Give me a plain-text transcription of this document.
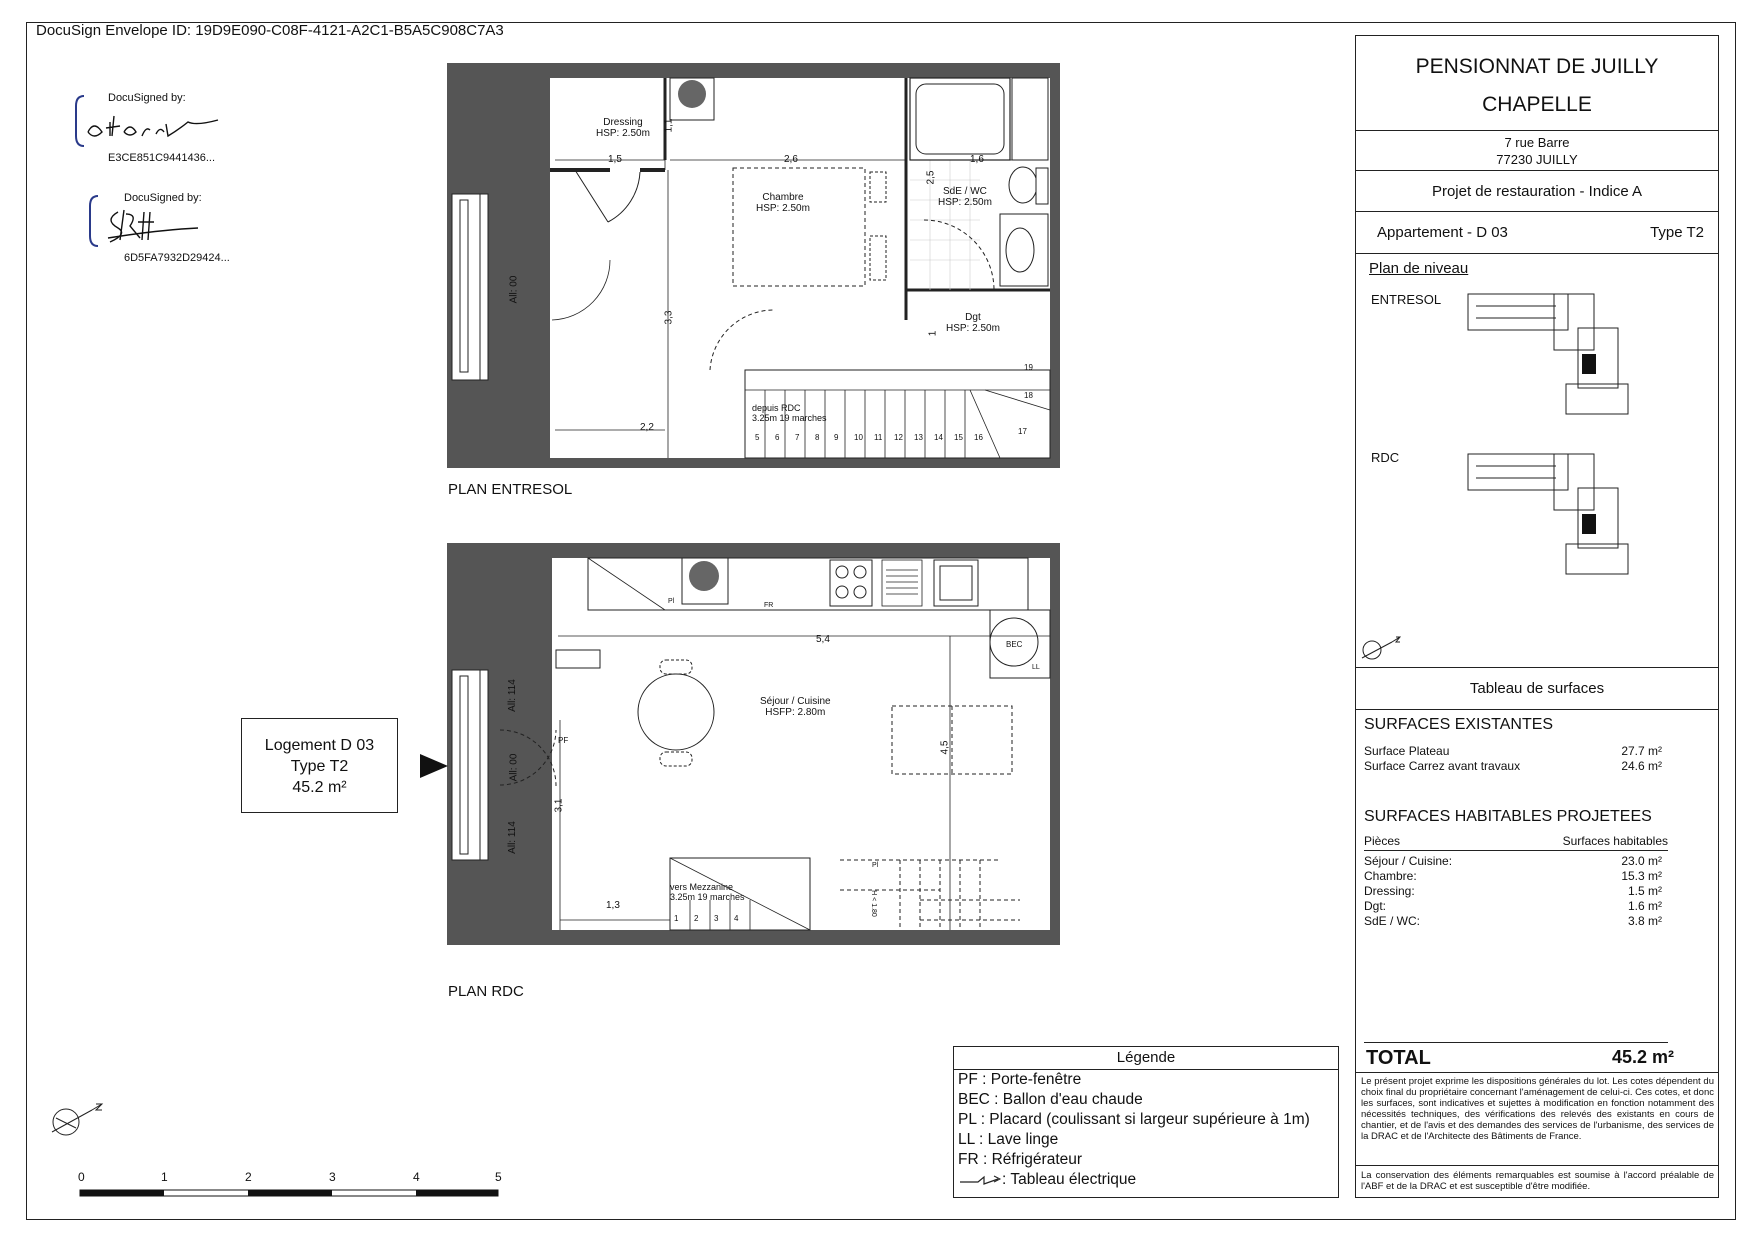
DocuSign Envelope ID: 19D9E090-C08F-4121-A2C1-B5A5C908C7A3
DocuSigned by:
E3CE851C9441436...
DocuSigned by:
6D5FA7932D29424...
Dressing
HSP: 2.50m
Chambre
HSP: 2.50m
SdE / WC
HSP: 2.50m
Dgt
HSP: 2.50m
depuis RDC
3.25m 19 marches
1,5	2,6	1,6
1,1
2,5
3,3
1
2,2
All: 00
5 6 7 8 9 10 11 12 13 14 15 16
17
18
19
PLAN ENTRESOL
Séjour / Cuisine
HSFP: 2.80m
5,4
4,5
3,1
1,3
BEC
LL
Pl
FR
PF
All: 114
All: 00
All: 114
vers Mezzanine
3.25m 19 marches
1 2 3 4
Pl
H < 1.80
PLAN RDC
Logement D 03
Type T2
45.2 m²
Légende
PF : Porte-fenêtre
BEC : Ballon d'eau chaude
PL : Placard (coulissant si largeur supérieure à 1m)
LL : Lave linge
FR : Réfrigérateur
: Tableau électrique
0	1	2	3	4	5
PENSIONNAT DE JUILLY
CHAPELLE
7 rue Barre
77230 JUILLY
Projet de restauration - Indice A
Appartement - D 03	Type T2
Plan de niveau
ENTRESOL
RDC
Tableau de surfaces
SURFACES EXISTANTES
Surface Plateau	27.7 m²
Surface Carrez avant travaux	24.6 m²
SURFACES HABITABLES PROJETEES
Pièces	Surfaces habitables
Séjour / Cuisine:	23.0 m²
Chambre:	15.3 m²
Dressing:	1.5 m²
Dgt:	1.6 m²
SdE / WC:	3.8 m²
TOTAL	45.2 m²
Le présent projet exprime les dispositions générales du lot. Les cotes dépendent du choix final du propriétaire concernant l'aménagement de celui-ci. Ces cotes, et donc les surfaces, sont indicatives et sujettes à modification en fonction notamment des nécessités techniques, des vérifications des relevés des existants en cours de chantier, et de l'avis et des demandes des services de l'urbanisme, des services de la DRAC et de l'Architecte des Bâtiments de France.
La conservation des éléments remarquables est soumise à l'accord préalable de l'ABF et de la DRAC et est susceptible d'être modifiée.
